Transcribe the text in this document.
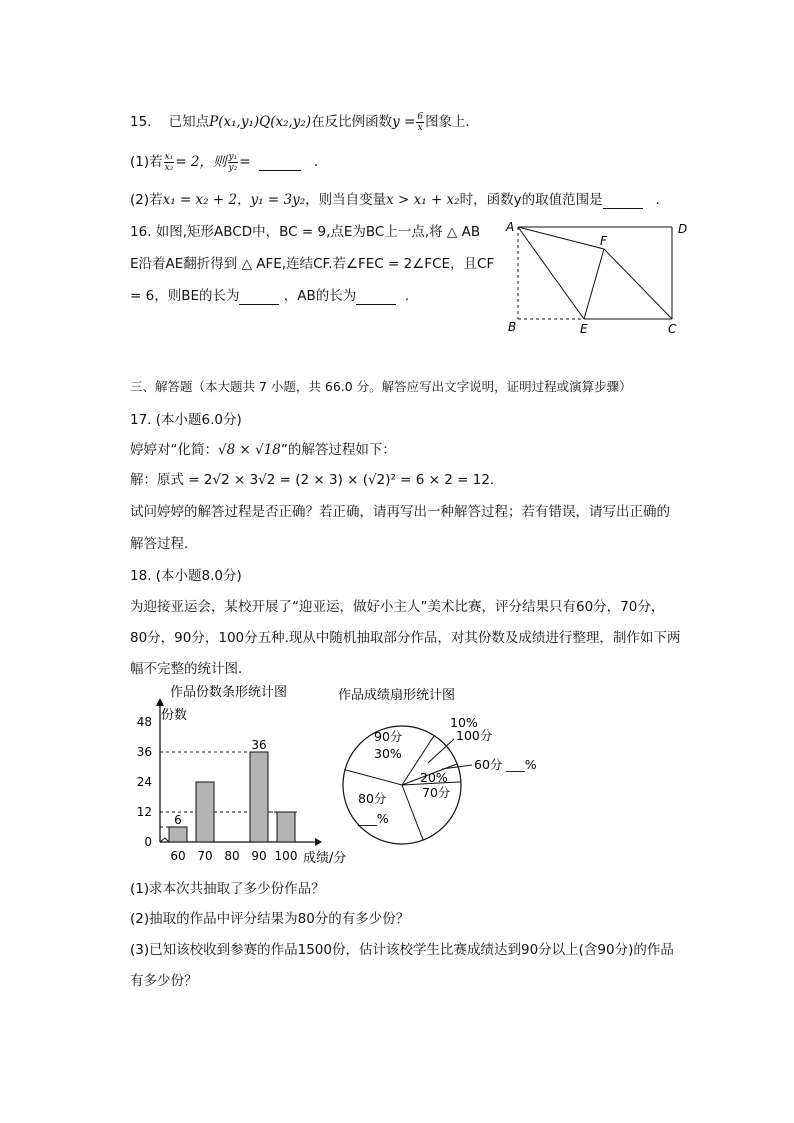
15. 已知点P(x₁,y₁)Q(x₂,y₂)在反比例函数$y = \frac{6}{x}$ 图象上．
(1)若 $\frac{\text{x₁}}{\text{x₂}} = 2$，则 $\frac{\text{y₁}}{\text{y₂}}$ =	．
(2)若x₁ = x₂ + 2，y₁ = 3y₂，则当自变量x > x₁ + x₂时，函数y的取值范围是	．
16. 如图,矩形ABCD中，BC = 9,点E为BC上一点,将 △ AB
E沿着AE翻折得到 △ AFE,连结CF.若∠FEC = 2∠FCE，且CF
= 6，则BE的长为	，AB的长为	．
A	D
B	E	C
F
三、解答题（本大题共 7 小题，共 66.0 分。解答应写出文字说明，证明过程或演算步骤）
17. (本小题6.0分)
婷婷对“化简：√8 × √18”的解答过程如下：
解：原式 = 2√2 × 3√2 = (2 × 3) × (√2)² = 6 × 2 = 12．
试问婷婷的解答过程是否正确？若正确，请再写出一种解答过程；若有错误，请写出正确的
解答过程．
18. (本小题8.0分)
为迎接亚运会，某校开展了“迎亚运，做好小主人”美术比赛，评分结果只有60分，70分，
80分，90分，100分五种.现从中随机抽取部分作品，对其份数及成绩进行整理，制作如下两
幅不完整的统计图．
作品份数条形统计图
份数
成绩/分
0
12
24
36
48
60
6
70 80 90
36
100
作品成绩扇形统计图
90分
30%
10%
100分
60分 ___%
20%
70分
80分
___%
(1)求本次共抽取了多少份作品？
(2)抽取的作品中评分结果为80分的有多少份？
(3)已知该校收到参赛的作品1500份，估计该校学生比赛成绩达到90分以上(含90分)的作品
有多少份？
